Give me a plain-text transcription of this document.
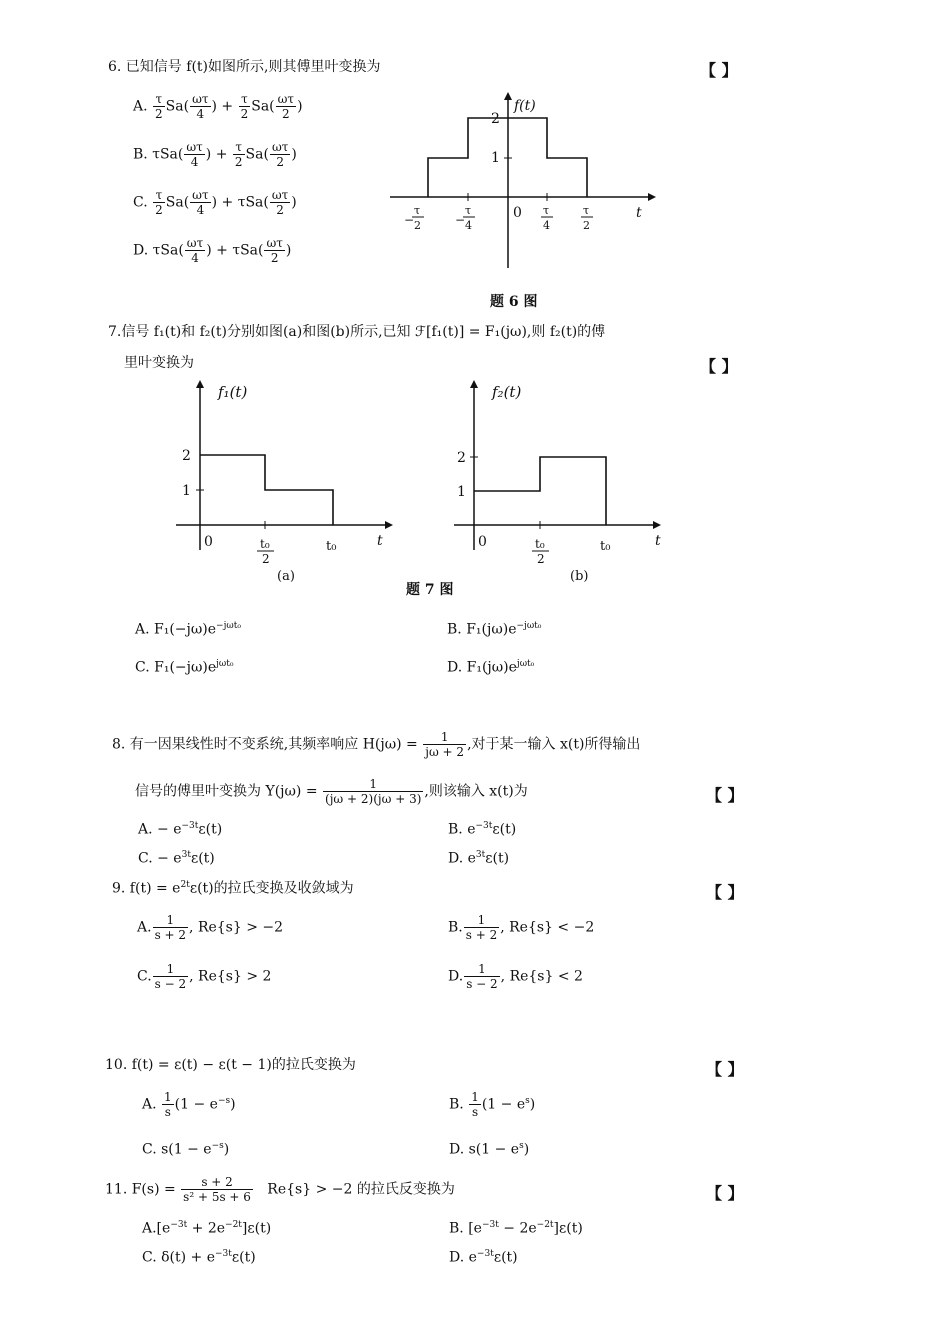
6. 已知信号 f(t)如图所示,则其傅里叶变换为	【 】
A. $\frac{\tau}{2} Sa( \frac{\omega\tau}{4}$ ) + $\frac{\tau}{2} Sa( \frac{\omega\tau}{2}$ )
B. $\tau Sa( \frac{\omega\tau}{4}$ ) + $\frac{\tau}{2} Sa( \frac{\omega\tau}{2}$ )
C. $\frac{\tau}{2} Sa( \frac{\omega\tau}{4}$ ) + $\tau Sa( \frac{\omega\tau}{2}$ )
D. $\tau Sa( \frac{\omega\tau}{4}$ ) + $\tau Sa( \frac{\omega\tau}{2}$ )
f(t)
2
1
0	t
−
τ
2	−
τ
4
τ
4
τ
2
题 6 图
7.信号 f₁(t)和 f₂(t)分别如图(a)和图(b)所示,已知 ℱ[f₁(t)] = F₁(jω),则 f₂(t)的傅
里叶变换为	【 】
f₁(t)
2
1
0	t₀
2
t₀	t
(a)
f₂(t)
2
1
0	t₀
2
t₀	t
(b)
题 7 图
A. $F_1(-j\omega)e^{-j\omega t_0}$	B. $F_1(j\omega)e^{-j\omega t_0}$
C. $F_1(-j\omega)e^{j\omega t_0}$	D. $F_1(j\omega)e^{j\omega t_0}$
8. 有一因果线性时不变系统,其频率响应 $H(j\omega) = \frac{1}{j\omega + 2}$ ,对于某一输入 x(t)所得输出
信号的傅里叶变换为 $Y(j\omega) = \frac{1}{(j\omega + 2)(j\omega + 3)}$ ,则该输入 x(t)为	【 】
A. − $e^{-3t}\varepsilon(t)$	B. $e^{-3t}\varepsilon(t)$
C. − $e^{3t}\varepsilon(t)$	D. $e^{3t}\varepsilon(t)$
9. $f(t) = e^{2t}\varepsilon(t)$的拉氏变换及收敛域为	【 】
A. $\frac{1}{s + 2}$ , Re{s} > −2	B. $\frac{1}{s + 2}$ , Re{s} < −2
C. $\frac{1}{s - 2}$ , Re{s} > 2	D. $\frac{1}{s - 2}$ , Re{s} < 2
10. f(t) = ε(t) − ε(t − 1)的拉氏变换为	【 】
A. $\frac{1}{s} (1 - e^{-s})$	B. $\frac{1}{s} (1 - e^s)$
C. $s(1 - e^{-s})$	D. $s(1 - e^s)$
11. $F(s) = \frac{s + 2}{\text{s² + 5s + 6}} Re\{s\} > -2$ 的拉氏反变换为	【 】
$A.[e^{-3t} + 2e^{-2t}]\varepsilon(t)$	B. $[e^{-3t} - 2e^{-2t}]\varepsilon(t)$
C. $\delta(t) + e^{-3t}\varepsilon(t)$	D. $e^{-3t}\varepsilon(t)$
